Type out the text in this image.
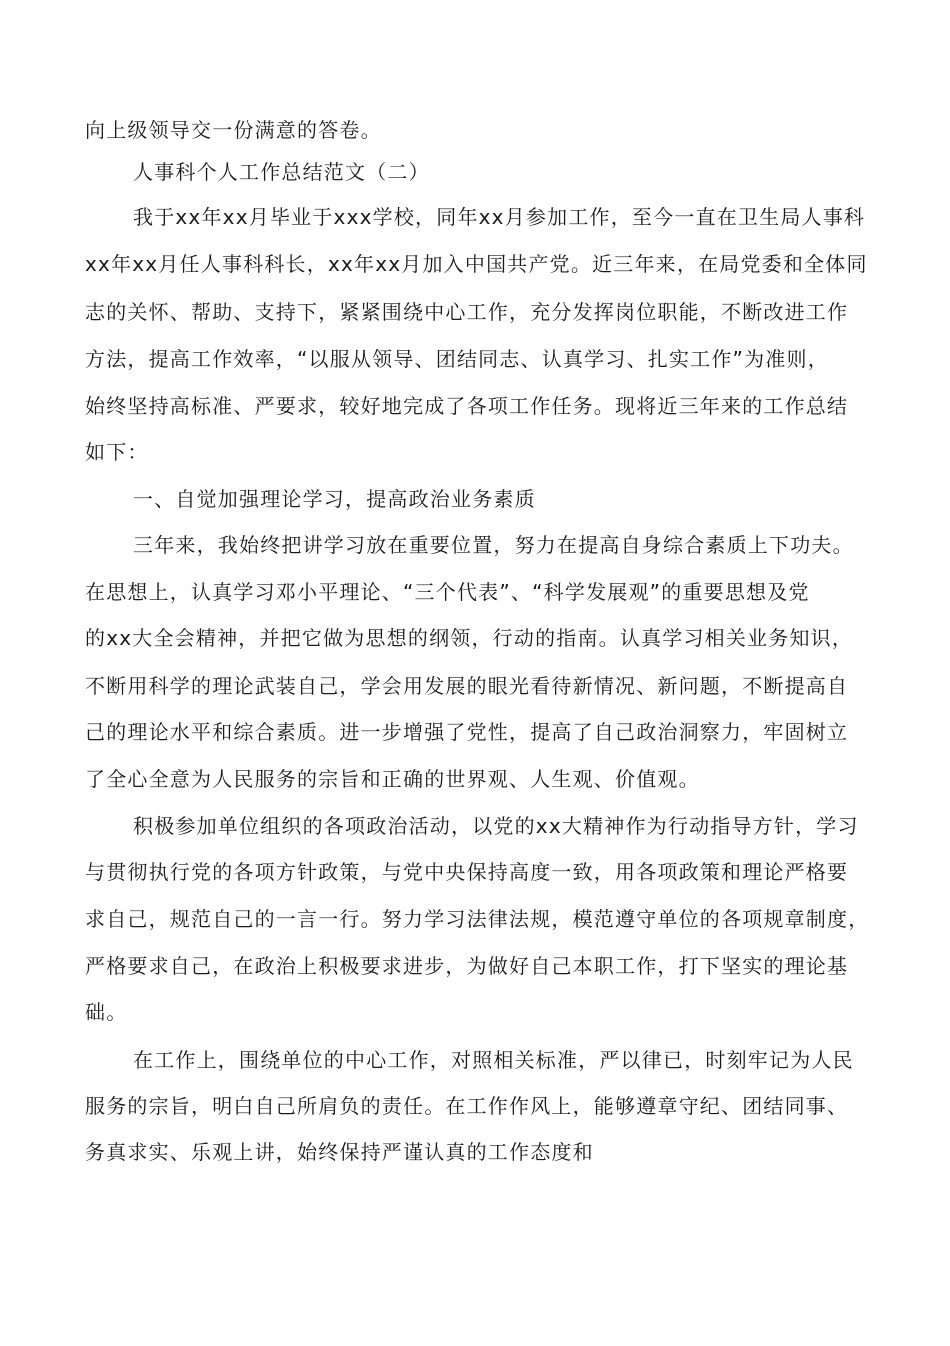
向上级领导交一份满意的答卷。
人事科个人工作总结范文（二）
我于xx年xx月毕业于xxx学校，同年xx月参加工作，至今一直在卫生局人事科
xx年xx月任人事科科长，xx年xx月加入中国共产党。近三年来，在局党委和全体同
志的关怀、帮助、支持下，紧紧围绕中心工作，充分发挥岗位职能，不断改进工作
方法，提高工作效率，“以服从领导、团结同志、认真学习、扎实工作”为准则，
始终坚持高标准、严要求，较好地完成了各项工作任务。现将近三年来的工作总结
如下：
一、自觉加强理论学习，提高政治业务素质
三年来，我始终把讲学习放在重要位置，努力在提高自身综合素质上下功夫。
在思想上，认真学习邓小平理论、“三个代表”、“科学发展观”的重要思想及党
的xx大全会精神，并把它做为思想的纲领，行动的指南。认真学习相关业务知识，
不断用科学的理论武装自己，学会用发展的眼光看待新情况、新问题，不断提高自
己的理论水平和综合素质。进一步增强了党性，提高了自己政治洞察力，牢固树立
了全心全意为人民服务的宗旨和正确的世界观、人生观、价值观。
积极参加单位组织的各项政治活动，以党的xx大精神作为行动指导方针，学习
与贯彻执行党的各项方针政策，与党中央保持高度一致，用各项政策和理论严格要
求自己，规范自己的一言一行。努力学习法律法规，模范遵守单位的各项规章制度，
严格要求自己，在政治上积极要求进步，为做好自己本职工作，打下坚实的理论基
础。
在工作上，围绕单位的中心工作，对照相关标准，严以律已，时刻牢记为人民
服务的宗旨，明白自己所肩负的责任。在工作作风上，能够遵章守纪、团结同事、
务真求实、乐观上讲，始终保持严谨认真的工作态度和
